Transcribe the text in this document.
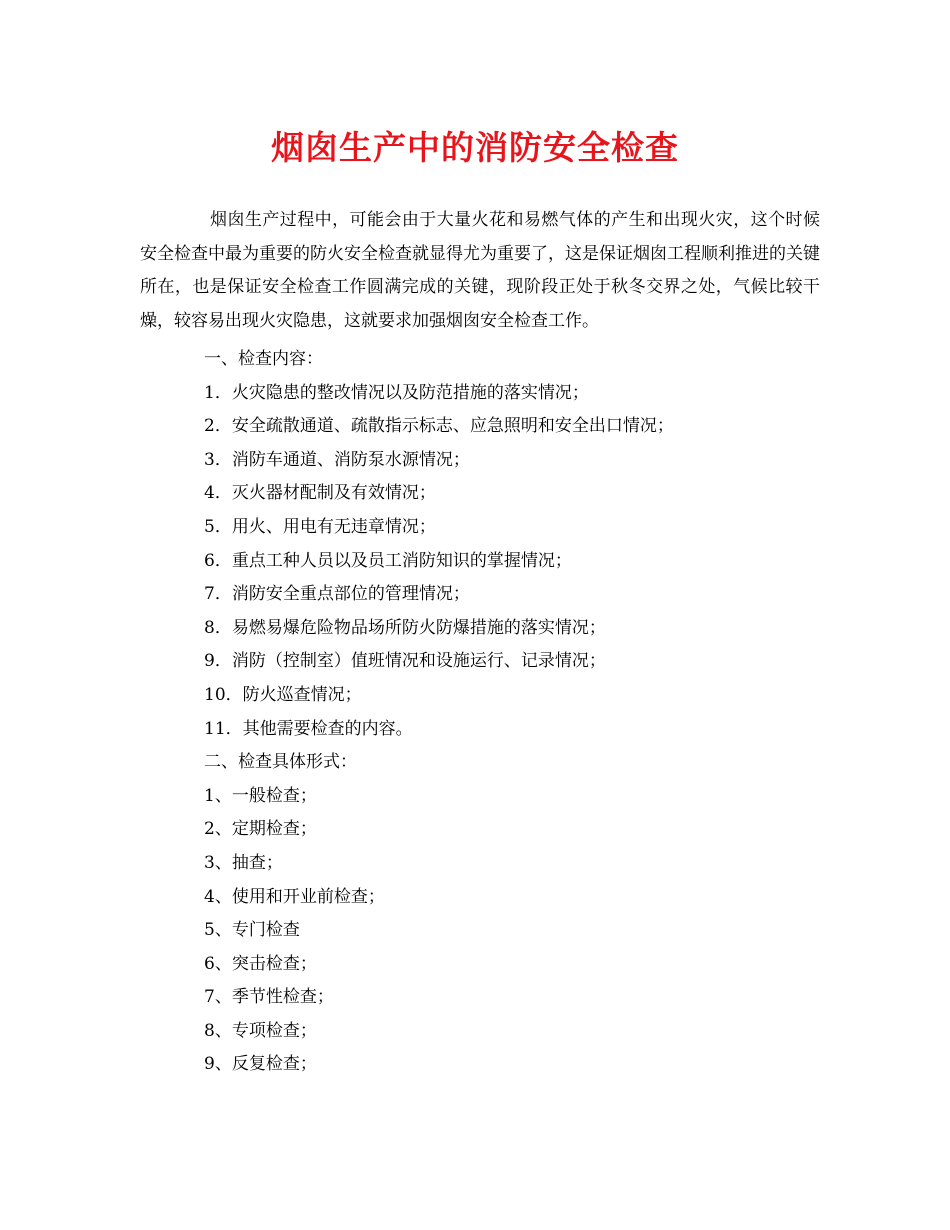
烟囱生产中的消防安全检查

烟囱生产过程中，可能会由于大量火花和易燃气体的产生和出现火灾，这个时候安全检查中最为重要的防火安全检查就显得尤为重要了，这是保证烟囱工程顺利推进的关键所在，也是保证安全检查工作圆满完成的关键，现阶段正处于秋冬交界之处，气候比较干燥，较容易出现火灾隐患，这就要求加强烟囱安全检查工作。

一、检查内容：
1．火灾隐患的整改情况以及防范措施的落实情况；
2．安全疏散通道、疏散指示标志、应急照明和安全出口情况；
3．消防车通道、消防泵水源情况；
4．灭火器材配制及有效情况；
5．用火、用电有无违章情况；
6．重点工种人员以及员工消防知识的掌握情况；
7．消防安全重点部位的管理情况；
8．易燃易爆危险物品场所防火防爆措施的落实情况；
9．消防（控制室）值班情况和设施运行、记录情况；
10．防火巡查情况；
11．其他需要检查的内容。
二、检查具体形式：
1、一般检查；
2、定期检查；
3、抽查；
4、使用和开业前检查；
5、专门检查
6、突击检查；
7、季节性检查；
8、专项检查；
9、反复检查；
